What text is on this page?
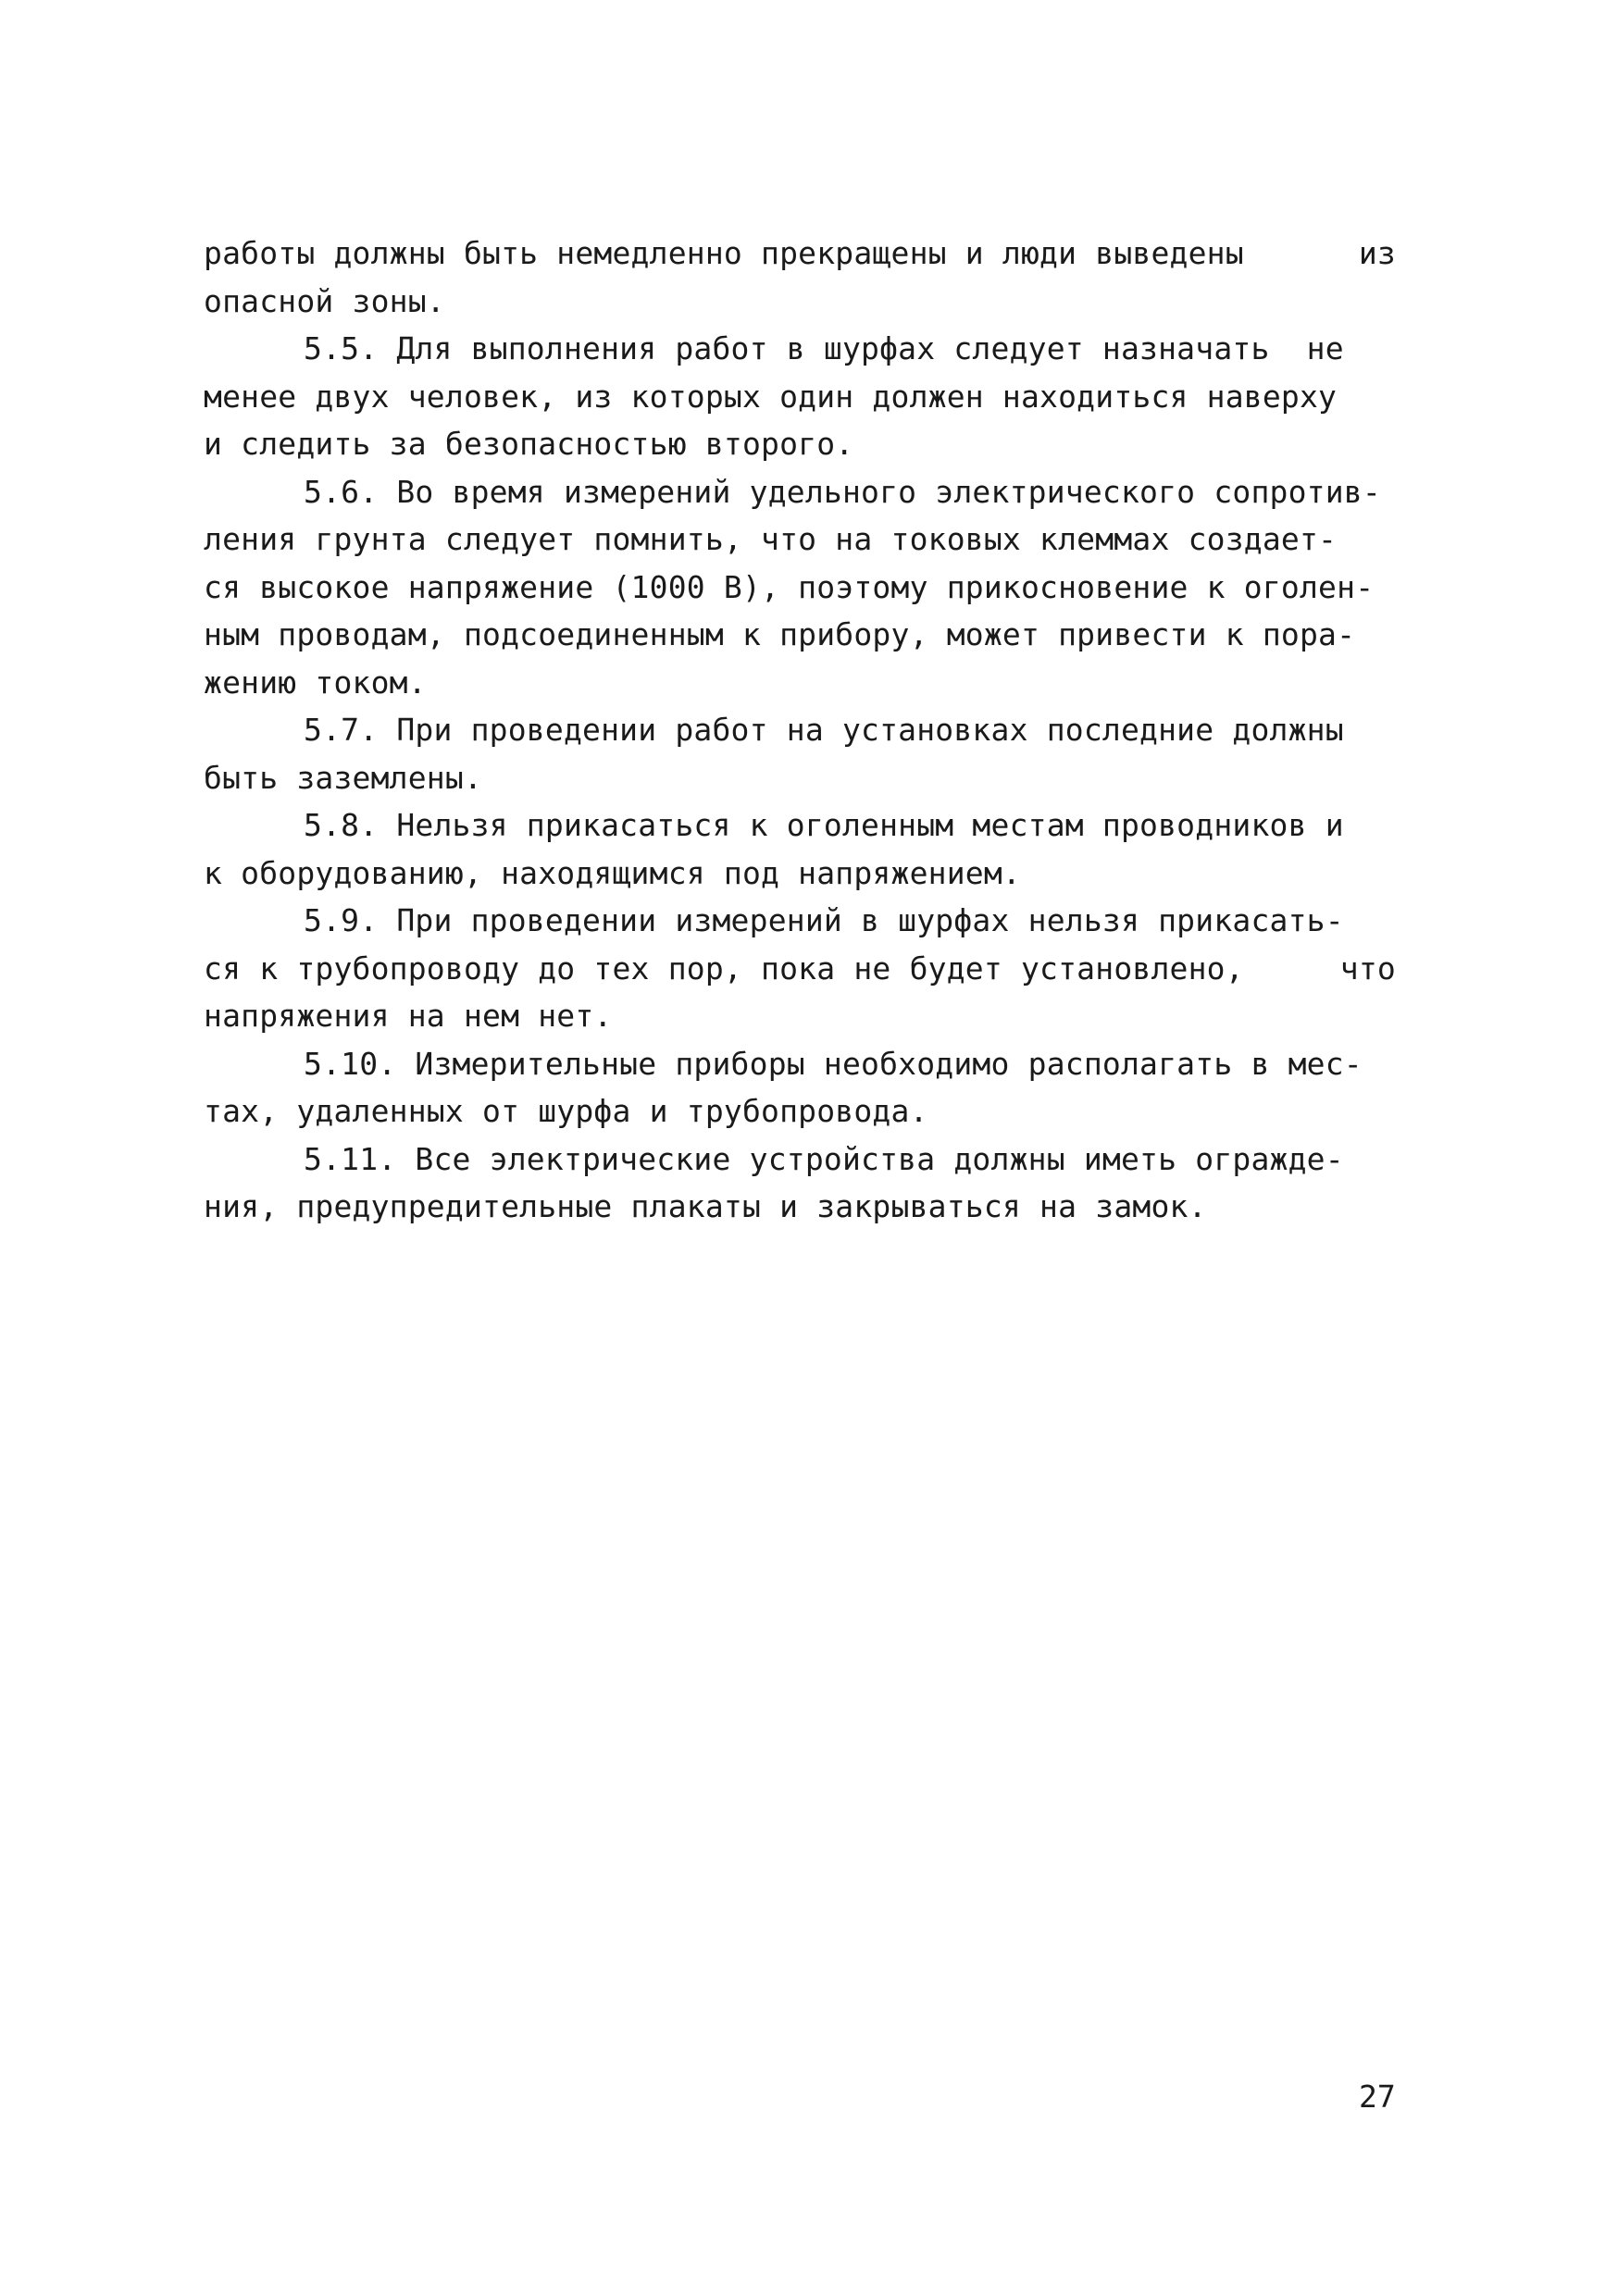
работы должны быть немедленно прекращены и люди выведены	из
опасной зоны.
5.5. Для выполнения работ в шурфах следует назначать не
менее двух человек, из которых один должен находиться наверху
и следить за безопасностью второго.
5.6. Во время измерений удельного электрического сопротив-
ления грунта следует помнить, что на токовых клеммах создает-
ся высокое напряжение (1000 В), поэтому прикосновение к оголен-
ным проводам, подсоединенным к прибору, может привести к пора-
жению током.
5.7. При проведении работ на установках последние должны
быть заземлены.
5.8. Нельзя прикасаться к оголенным местам проводников и
к оборудованию, находящимся под напряжением.
5.9. При проведении измерений в шурфах нельзя прикасать-
ся к трубопроводу до тех пор, пока не будет установлено,	что
напряжения на нем нет.
5.10. Измерительные приборы необходимо располагать в мес-
тах, удаленных от шурфа и трубопровода.
5.11. Все электрические устройства должны иметь огражде-
ния, предупредительные плакаты и закрываться на замок.
27
